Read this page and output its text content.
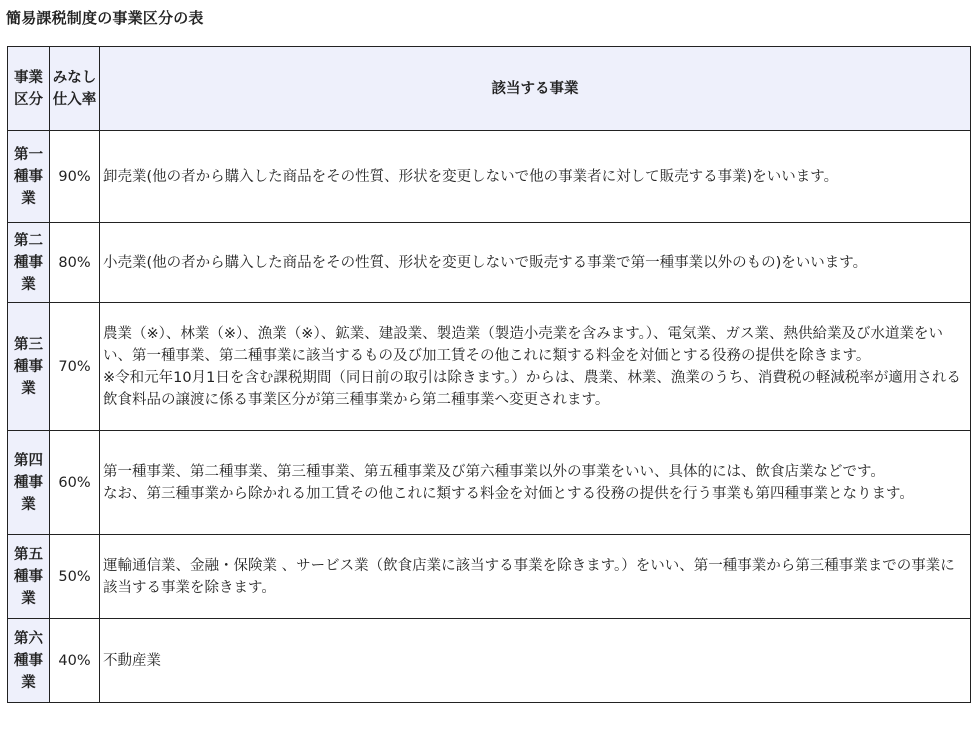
簡易課税制度の事業区分の表
事業区分	みなし仕入率	該当する事業
第一種事業	90%	卸売業(他の者から購入した商品をその性質、形状を変更しないで他の事業者に対して販売する事業)をいいます。

第二種事業	80%	小売業(他の者から購入した商品をその性質、形状を変更しないで販売する事業で第一種事業以外のもの)をいいます。

第三種事業	70%	農業（※）、林業（※）、漁業（※）、鉱業、建設業、製造業（製造小売業を含みます。）、電気業、ガス業、熱供給業及び水道業をいい、第一種事業、第二種事業に該当するもの及び加工賃その他これに類する料金を対価とする役務の提供を除きます。
※令和元年10月1日を含む課税期間（同日前の取引は除きます。）からは、農業、林業、漁業のうち、消費税の軽減税率が適用される飲食料品の譲渡に係る事業区分が第三種事業から第二種事業へ変更されます。

第四種事業	60%	第一種事業、第二種事業、第三種事業、第五種事業及び第六種事業以外の事業をいい、具体的には、飲食店業などです。
なお、第三種事業から除かれる加工賃その他これに類する料金を対価とする役務の提供を行う事業も第四種事業となります。

第五種事業	50%	運輸通信業、金融・保険業 、サービス業（飲食店業に該当する事業を除きます。）をいい、第一種事業から第三種事業までの事業に該当する事業を除きます。

第六種事業	40%	不動産業
